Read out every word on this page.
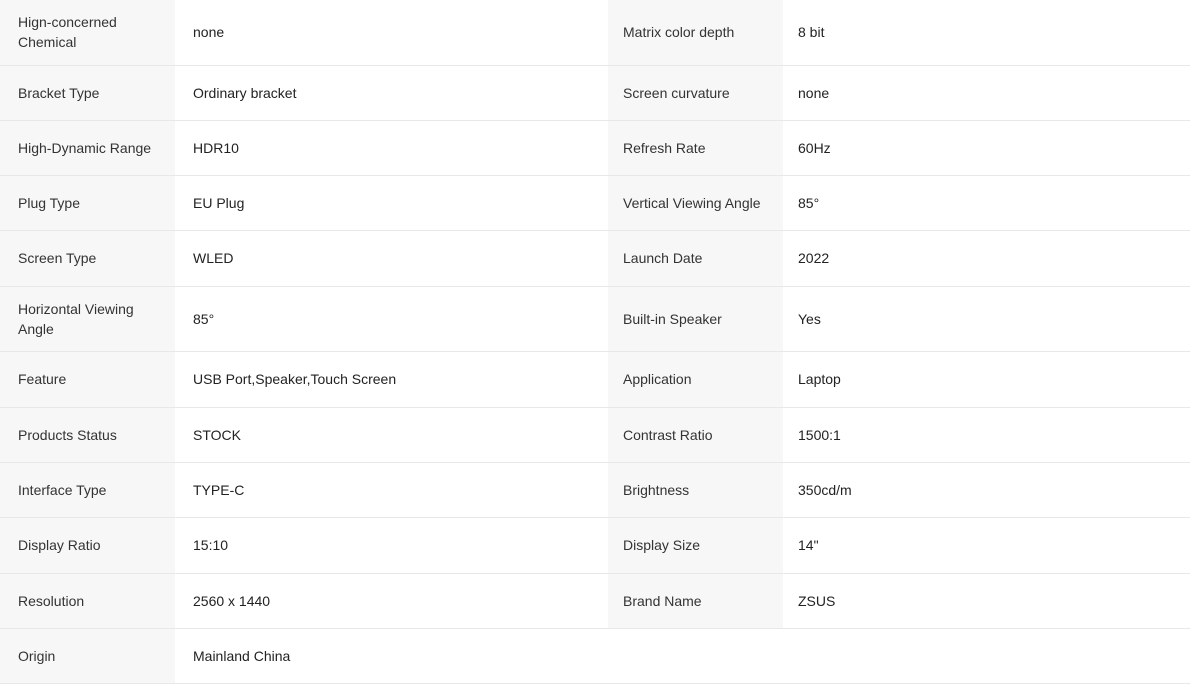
Hign-concerned Chemical	none	Matrix color depth	8 bit
Bracket Type	Ordinary bracket	Screen curvature	none
High-Dynamic Range	HDR10	Refresh Rate	60Hz
Plug Type	EU Plug	Vertical Viewing Angle	85°
Screen Type	WLED	Launch Date	2022
Horizontal Viewing Angle	85°	Built-in Speaker	Yes
Feature	USB Port,Speaker,Touch Screen	Application	Laptop
Products Status	STOCK	Contrast Ratio	1500:1
Interface Type	TYPE-C	Brightness	350cd/m
Display Ratio	15:10	Display Size	14"
Resolution	2560 x 1440	Brand Name	ZSUS
Origin	Mainland China		
